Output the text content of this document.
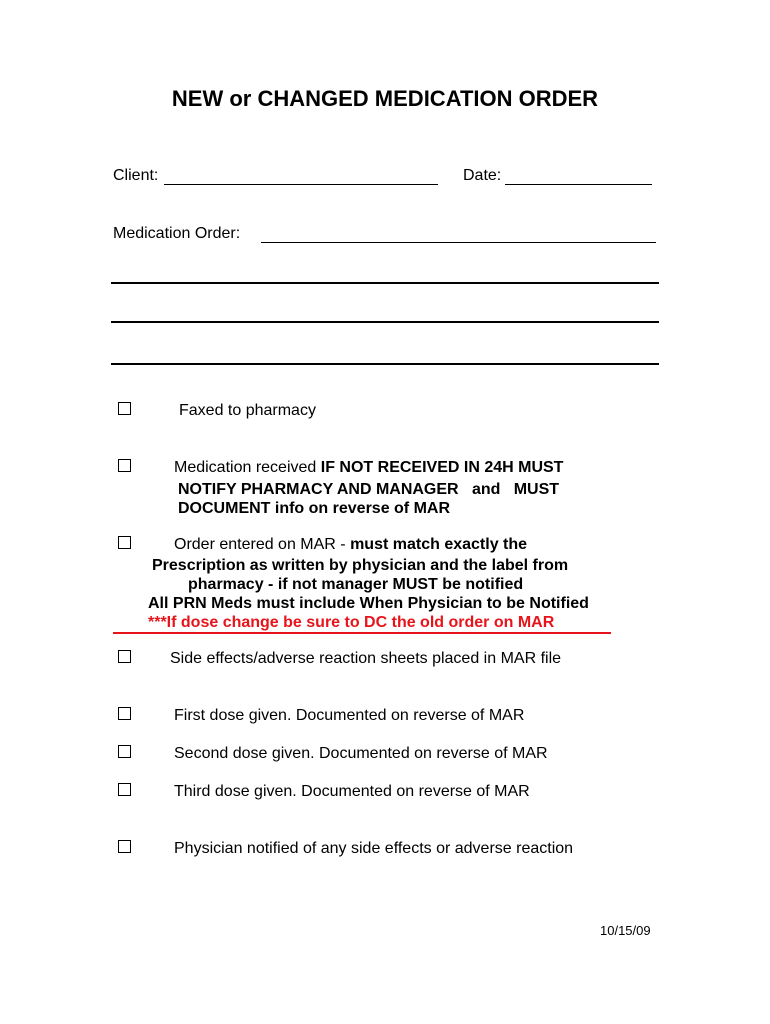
NEW or CHANGED MEDICATION ORDER
Client:	Date:
Medication Order:
Faxed to pharmacy
Medication received IF NOT RECEIVED IN 24H MUST
NOTIFY PHARMACY AND MANAGER   and   MUST
DOCUMENT info on reverse of MAR
Order entered on MAR - must match exactly the
Prescription as written by physician and the label from
pharmacy - if not manager MUST be notified
All PRN Meds must include When Physician to be Notified
***If dose change be sure to DC the old order on MAR
Side effects/adverse reaction sheets placed in MAR file
First dose given. Documented on reverse of MAR
Second dose given. Documented on reverse of MAR
Third dose given. Documented on reverse of MAR
Physician notified of any side effects or adverse reaction
10/15/09
